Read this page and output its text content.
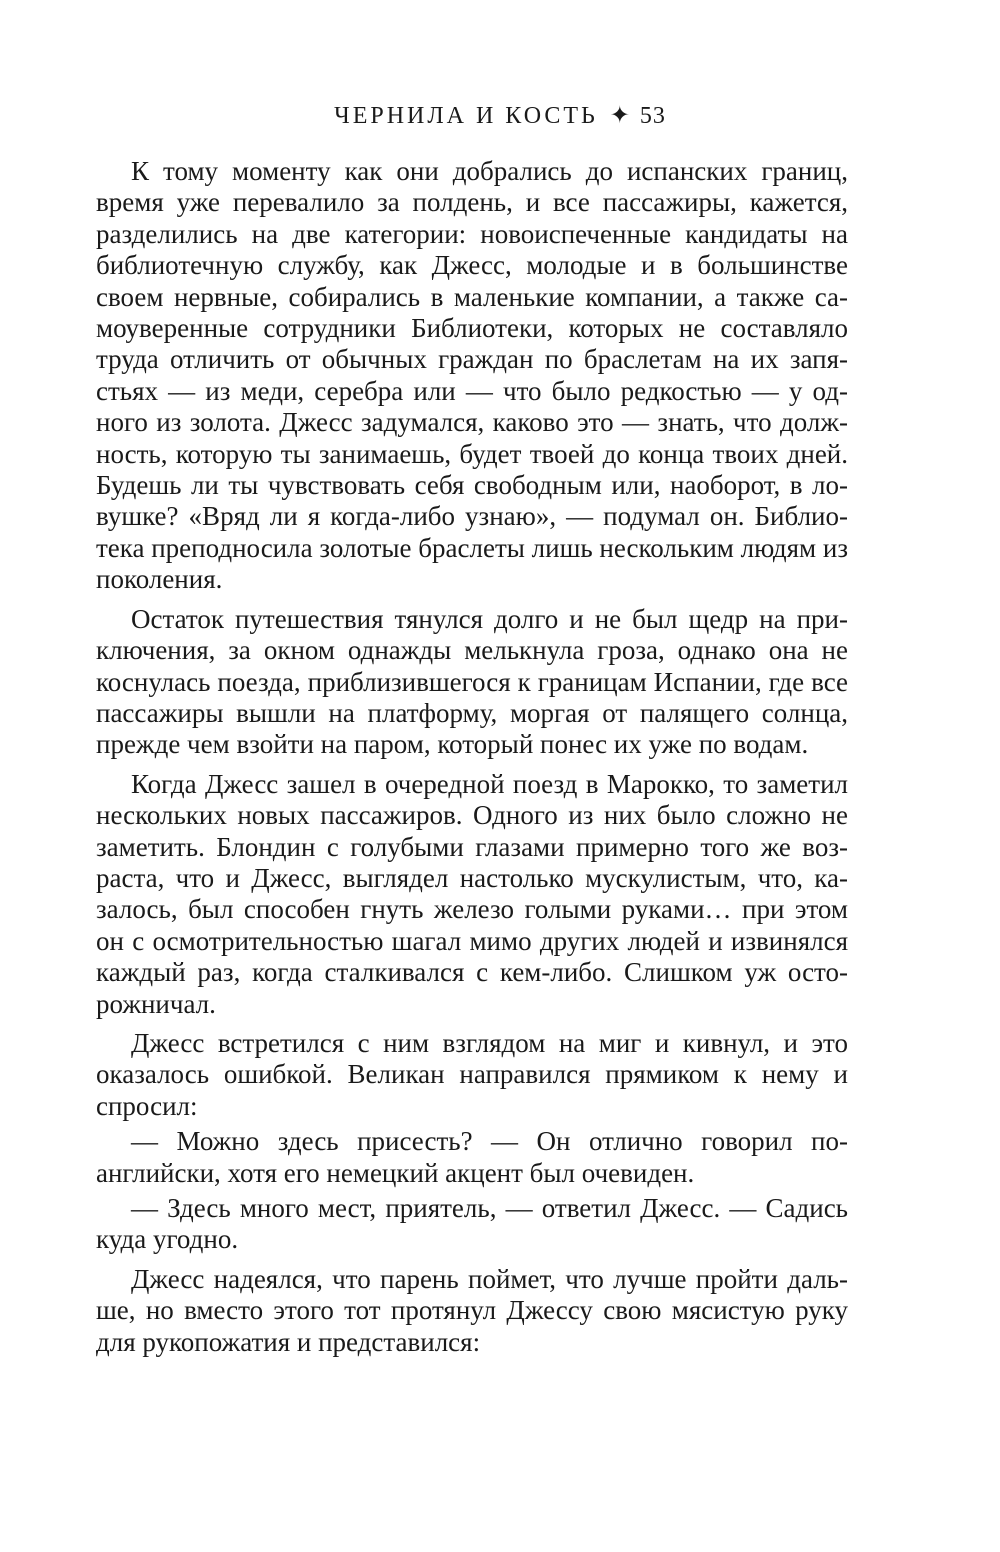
ЧЕРНИЛА И КОСТЬ ✦ 53

К тому моменту как они добрались до испанских границ, время уже перевалило за полдень, и все пассажиры, кажется, разделились на две категории: новоиспеченные кандидаты на библиотечную службу, как Джесс, молодые и в большинстве своем нервные, собирались в маленькие компании, а также самоуверенные сотрудники Библиотеки, которых не составляло труда отличить от обычных граждан по браслетам на их запястьях — из меди, серебра или — что было редкостью — у одного из золота. Джесс задумался, каково это — знать, что должность, которую ты занимаешь, будет твоей до конца твоих дней. Будешь ли ты чувствовать себя свободным или, наоборот, в ловушке? «Вряд ли я когда-либо узнаю», — подумал он. Библиотека преподносила золотые браслеты лишь нескольким людям из поколения.

Остаток путешествия тянулся долго и не был щедр на приключения, за окном однажды мелькнула гроза, однако она не коснулась поезда, приблизившегося к границам Испании, где все пассажиры вышли на платформу, моргая от палящего солнца, прежде чем взойти на паром, который понес их уже по водам.

Когда Джесс зашел в очередной поезд в Марокко, то заметил нескольких новых пассажиров. Одного из них было сложно не заметить. Блондин с голубыми глазами примерно того же возраста, что и Джесс, выглядел настолько мускулистым, что, казалось, был способен гнуть железо голыми руками… при этом он с осмотрительностью шагал мимо других людей и извинялся каждый раз, когда сталкивался с кем-либо. Слишком уж осторожничал.

Джесс встретился с ним взглядом на миг и кивнул, и это оказалось ошибкой. Великан направился прямиком к нему и спросил:

— Можно здесь присесть? — Он отлично говорил по-английски, хотя его немецкий акцент был очевиден.

— Здесь много мест, приятель, — ответил Джесс. — Садись куда угодно.

Джесс надеялся, что парень поймет, что лучше пройти дальше, но вместо этого тот протянул Джессу свою мясистую руку для рукопожатия и представился:
